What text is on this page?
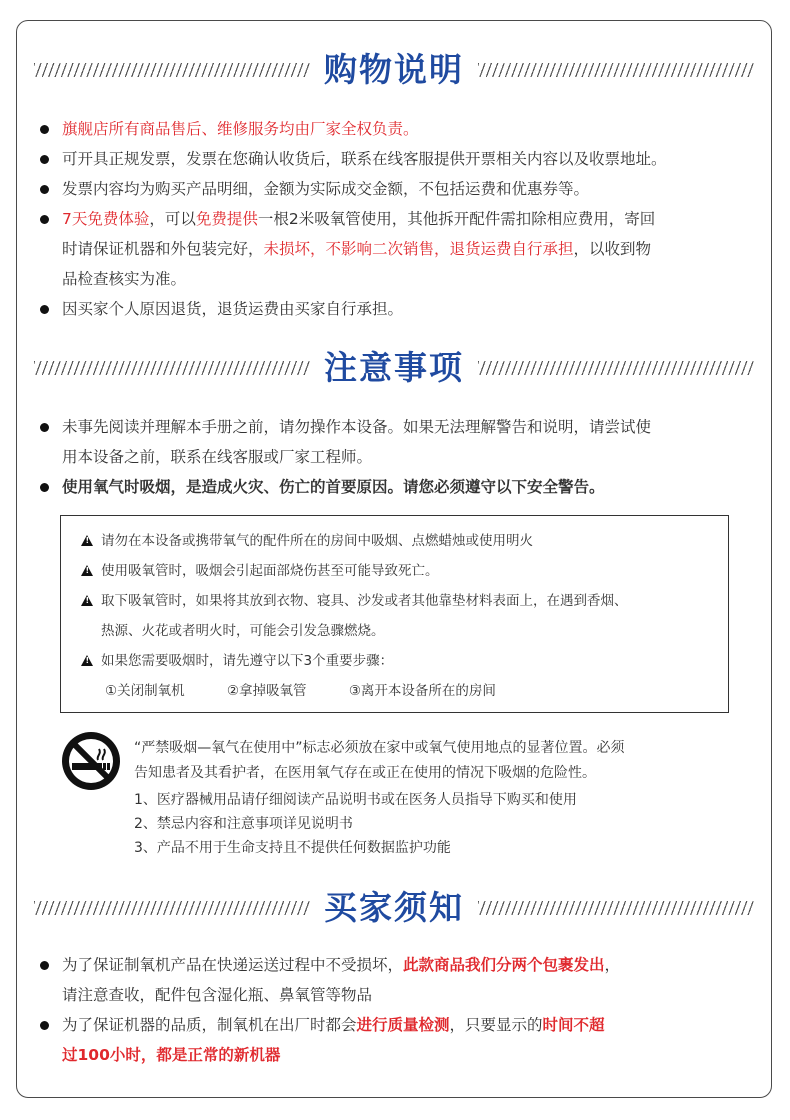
购物说明
旗舰店所有商品售后、维修服务均由厂家全权负责。
可开具正规发票，发票在您确认收货后，联系在线客服提供开票相关内容以及收票地址。
发票内容均为购买产品明细，金额为实际成交金额，不包括运费和优惠券等。
7天免费体验，可以免费提供一根2米吸氧管使用，其他拆开配件需扣除相应费用，寄回
时请保证机器和外包装完好，未损坏，不影响二次销售，退货运费自行承担，以收到物
品检查核实为准。
因买家个人原因退货，退货运费由买家自行承担。
注意事项
未事先阅读并理解本手册之前，请勿操作本设备。如果无法理解警告和说明，请尝试使
用本设备之前，联系在线客服或厂家工程师。
使用氧气时吸烟，是造成火灾、伤亡的首要原因。请您必须遵守以下安全警告。
!请勿在本设备或携带氧气的配件所在的房间中吸烟、点燃蜡烛或使用明火
!使用吸氧管时，吸烟会引起面部烧伤甚至可能导致死亡。
!取下吸氧管时，如果将其放到衣物、寝具、沙发或者其他靠垫材料表面上，在遇到香烟、
热源、火花或者明火时，可能会引发急骤燃烧。
!如果您需要吸烟时，请先遵守以下3个重要步骤：
①关闭制氧机	②拿掉吸氧管	③离开本设备所在的房间
“严禁吸烟—氧气在使用中”标志必须放在家中或氧气使用地点的显著位置。必须
告知患者及其看护者，在医用氧气存在或正在使用的情况下吸烟的危险性。
1、医疗器械用品请仔细阅读产品说明书或在医务人员指导下购买和使用
2、禁忌内容和注意事项详见说明书
3、产品不用于生命支持且不提供任何数据监护功能
买家须知
为了保证制氧机产品在快递运送过程中不受损坏，此款商品我们分两个包裹发出，
请注意查收，配件包含湿化瓶、鼻氧管等物品
为了保证机器的品质，制氧机在出厂时都会进行质量检测，只要显示的时间不超
过100小时，都是正常的新机器
